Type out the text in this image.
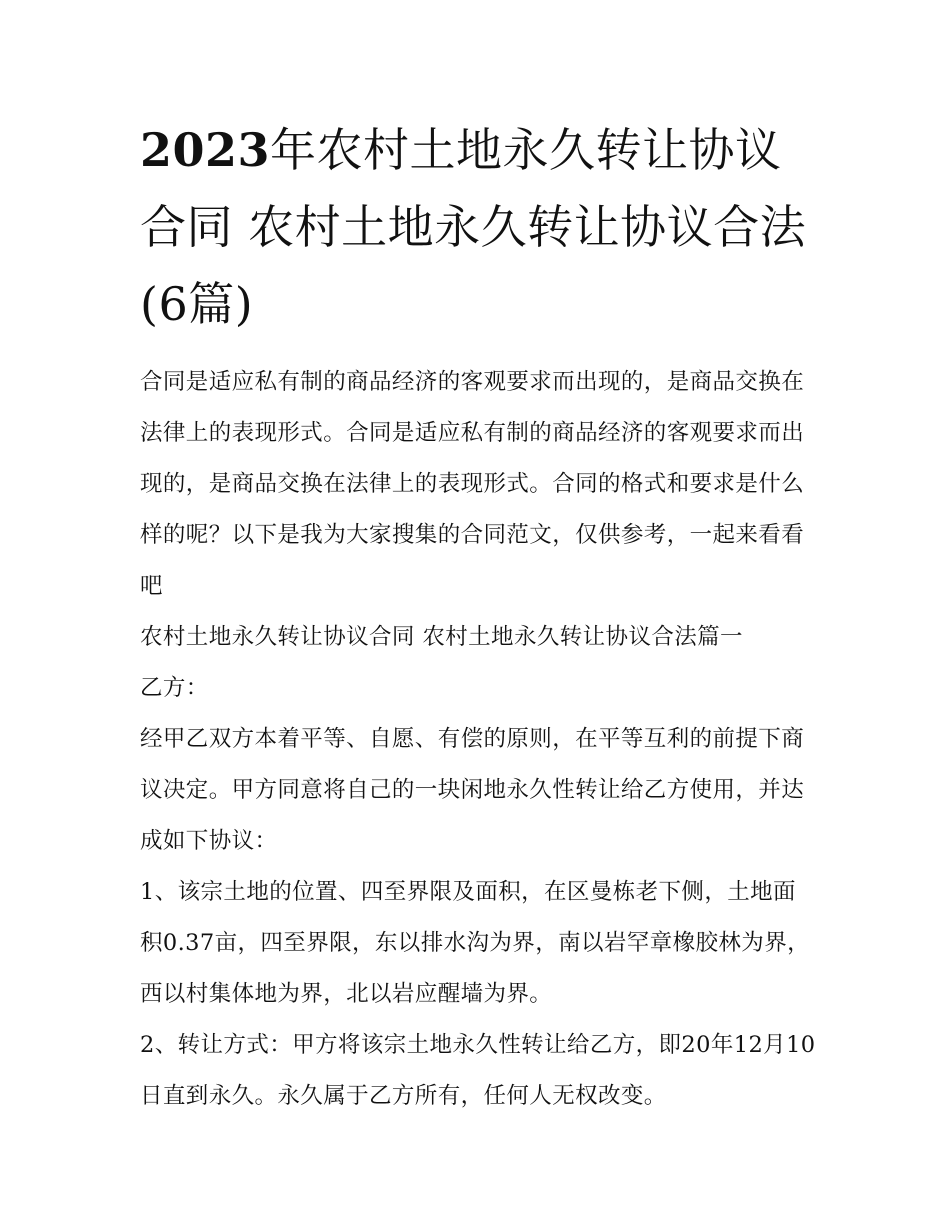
2023年农村土地永久转让协议合同 农村土地永久转让协议合法(6篇)

合同是适应私有制的商品经济的客观要求而出现的，是商品交换在法律上的表现形式。合同是适应私有制的商品经济的客观要求而出现的，是商品交换在法律上的表现形式。合同的格式和要求是什么样的呢？以下是我为大家搜集的合同范文，仅供参考，一起来看看吧

农村土地永久转让协议合同 农村土地永久转让协议合法篇一

乙方：

经甲乙双方本着平等、自愿、有偿的原则，在平等互利的前提下商议决定。甲方同意将自己的一块闲地永久性转让给乙方使用，并达成如下协议：

1、该宗土地的位置、四至界限及面积，在区曼栋老下侧，土地面积0.37亩，四至界限，东以排水沟为界，南以岩罕章橡胶林为界，西以村集体地为界，北以岩应醒墙为界。

2、转让方式：甲方将该宗土地永久性转让给乙方，即20年12月10日直到永久。永久属于乙方所有，任何人无权改变。
